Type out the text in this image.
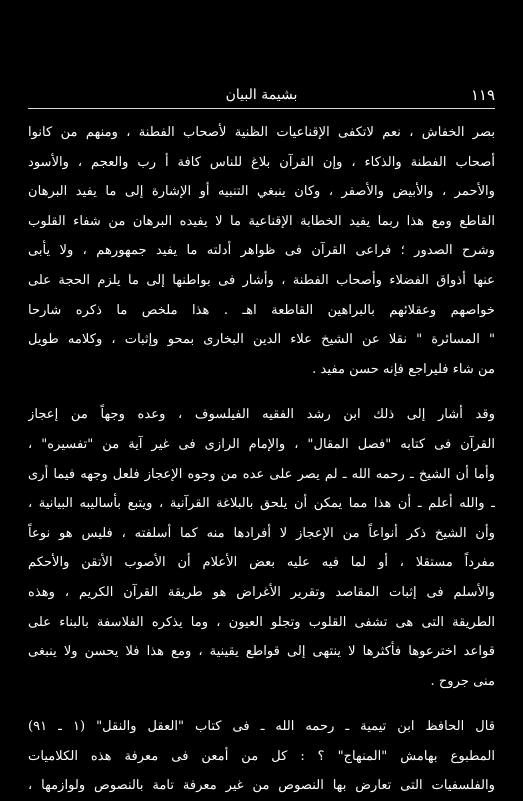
١١٩
بشيمة البيان

بصر الخفاش ، نعم لاتكفى الإقناعيات الظنية لأصحاب الفطنة ، ومنهم من كانوا
أصحاب الفطنة والذكاء ، وإن القرآن بلاغ للناس كافة أ رب والعجم ، والأسود
والأحمر ، والأبيض والأصفر ، وكان ينبغي التنبيه أو الإشارة إلى ما يفيد البرهان
القاطع ومع هذا ربما يفيد الخطابة الإقناعية ما لا يفيده البرهان من شفاء القلوب
وشرح الصدور ؛ فراعى القرآن فى ظواهر أدلته ما يفيد جمهورهم ، ولا يأبى
عنها أذواق الفضلاء وأصحاب الفطنة ، وأشار فى بواطنها إلى ما يلزم الحجة على
خواصهم وعقلائهم بالبراهين القاطعة اهـ . هذا ملخص ما ذكره شارحا
" المسائرة " نقلا عن الشيخ علاء الدين البخارى بمحو وإثبات ، وكلامه طويل
من شاء فليراجع فإنه حسن مفيد .

وقد أشار إلى ذلك ابن رشد الفقيه الفيلسوف ، وعده وجهاً من إعجاز
القرآن فى كتابه "فصل المقال" ، والإمام الرازى فى غير آية من "تفسيره" ،
وأما أن الشيخ ـ رحمه الله ـ لم يصر على عده من وجوه الإعجاز فلعل وجهه فيما أرى
ـ والله أعلم ـ أن هذا مما يمكن أن يلحق بالبلاغة القرآنية ، ويتبع بأساليبه البيانية ،
وأن الشيخ ذكر أنواعاً من الإعجاز لا أفرادها منه كما أسلفته ، فليس هو نوعاً
مفرداً مستقلا ، أو لما فيه عليه بعض الأعلام أن الأصوب الأتقن والأحكم
والأسلم فى إثبات المقاصد وتقرير الأغراض هو طريقة القرآن الكريم ، وهذه
الطريقة التى هى تشفى القلوب وتجلو العيون ، وما يذكره الفلاسفة بالبناء على
قواعد اخترعوها فأكثرها لا ينتهى إلى قواطع يقينية ، ومع هذا فلا يحسن ولا ينبغى
منى جروح .

قال الحافظ ابن تيمية ـ رحمه الله ـ فى كتاب "العقل والنقل" (١ ـ ٩١)
المطبوع بهامش "المنهاج" ؟ : كل من أمعن فى معرفة هذه الكلاميات
والفلسفيات التى تعارض بها النصوص من غير معرفة تامة بالنصوص ولوازمها ،
